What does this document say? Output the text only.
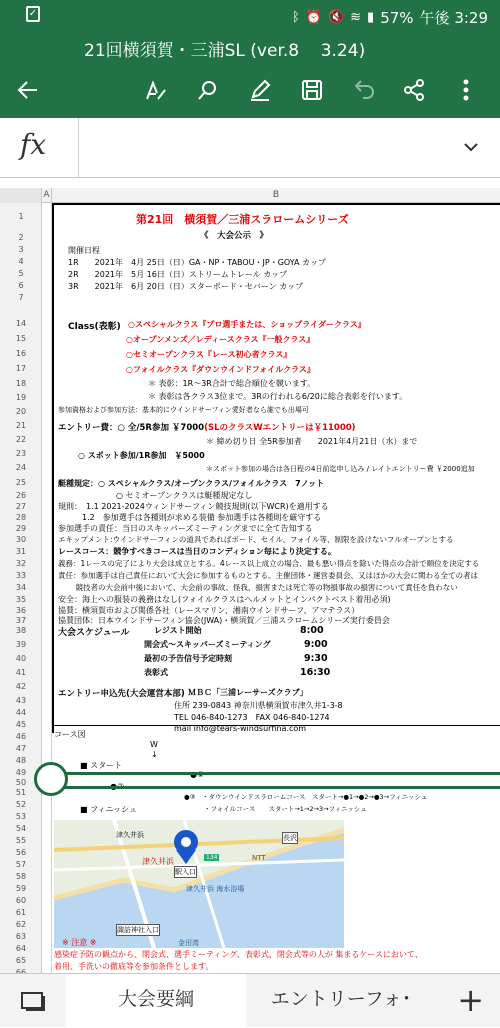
✓	ᛒ ⏰ 🔇 ≋ ▮ 57% 午後 3:29
21回横須賀・三浦SL (ver.8    3.24)
fx
A	B
1
2
3
4
5
6
7
14
15
16
17
18
19
20
21
22
23
24
25
26
27
28
29
30
31
32
33
34
35
36
37
38
39
40
41
42
43
44
45
46
47
48
49
50
51
52
53
54
55
56
57
58
59
60
61
62
63
64
65
第21回　横須賀／三浦スラロームシリーズ
《　大会公示　》
開催日程
1R　　2021年　4月 25日（日）GA・NP・TABOU・JP・GOYA カップ
2R　　2021年　5月 16日（日）ストリームトレール カップ
3R　　2021年　6月 20日（日）スターボード・セバーン カップ
Class(表彰) ○スペシャルクラス『プロ選手または、ショップライダークラス』
○オープンメンズ／レディースクラス『一般クラス』
○セミオープンクラス『レース初心者クラス』
○フォイルクラス『ダウンウインドフォイルクラス』
＊ 表彰：1R～3R合計で総合順位を競います。
＊ 表彰は各クラス3位まで。3Rの行われる6/20に総合表彰を行います。
参加資格および参加方法：基本的にウインドサーフィン愛好者なら誰でも出場可
エントリー費：○ 全/5R参加 ￥7000(SLのクラスWエントリーは￥11000)
＊ 締め切り日 全5R参加者　　2021年4月21日（水）まで
○ スポット参加/1R参加　￥5000
＊スポット参加の場合は各日程の4日前迄申し込み / レイトエントリー費 ￥2000追加
艇種規定：○ スペシャルクラス/オープンクラス/フォイルクラス　7ノット
○ セミオープンクラスは艇種規定なし
規則：　1.1 2021-2024ウィンドサーフィン競技規則(以下WCR)を適用する
1.2　参加選手は各種則が求める装備 参加選手は各種則を厳守する
参加選手の責任：当日のスキッパーズミーティングまでに全て告知する
エキップメント:ウインドサーフィンの道具であればボード、セイル、フォイル等、制限を設けないフルオープンとする
レースコース：競争すべきコースは当日のコンディション毎により決定する。
義務：1レースの完了により大会は成立とする。4レース以上成立の場合、最も悪い得点を除いた得点の合計で順位を決定する
責任：参加選手は自己責任において大会に参加するものとする。主催団体・運営委員会、又はほかの大会に関わる全ての者は
　競技者の大会前中後において、大会前の事故、怪我、損害または死亡等の物損事故の損害について責任を負わない
安全：海上への服装の義務はなし(フォイルクラスはヘルメットとインパクトベスト着用必須)
協賛：横須賀市および関係各社（レースマリン、湘南ウインドサーフ、アマテラス）
協賛団体：日本ウインドサーフィン協会(JWA)・横須賀／三浦スラロームシリーズ実行委員会
大会スケジュール	レジスト開始	8:00
開会式～スキッパーズミーティング	9:00
最初の予告信号予定時刻	9:30
表彰式	16:30
エントリー申込先(大会運営本部) ＭＢＣ「三浦レーサーズクラブ」
住所 239-0843 神奈川県横須賀市津久井1-3-8
TEL 046-840-1273　FAX 046-840-1274
mail info@tears-windsurfina.com
コース図
W
↓
■ スタート
●③　・ダウンウインドスラロームコース　スタート→●1→●2→●3→フィニッシュ
・フォイルコース　　スタート→1→2→3→フィニッシュ
■ フィニッシュ
津久井浜
津久井浜
駅入口
134	NTT
長沢
津久井浜 海水浴場
諏訪神社入口
金田湾
※ 注意 ※
感染症予防の観点から、閉会式、選手ミーティング、表彰式、閉会式等の人が 集まるケースにおいて、
着用、手洗いの徹底等を参加条件とします。
大会要綱	エントリーフォ･	+
